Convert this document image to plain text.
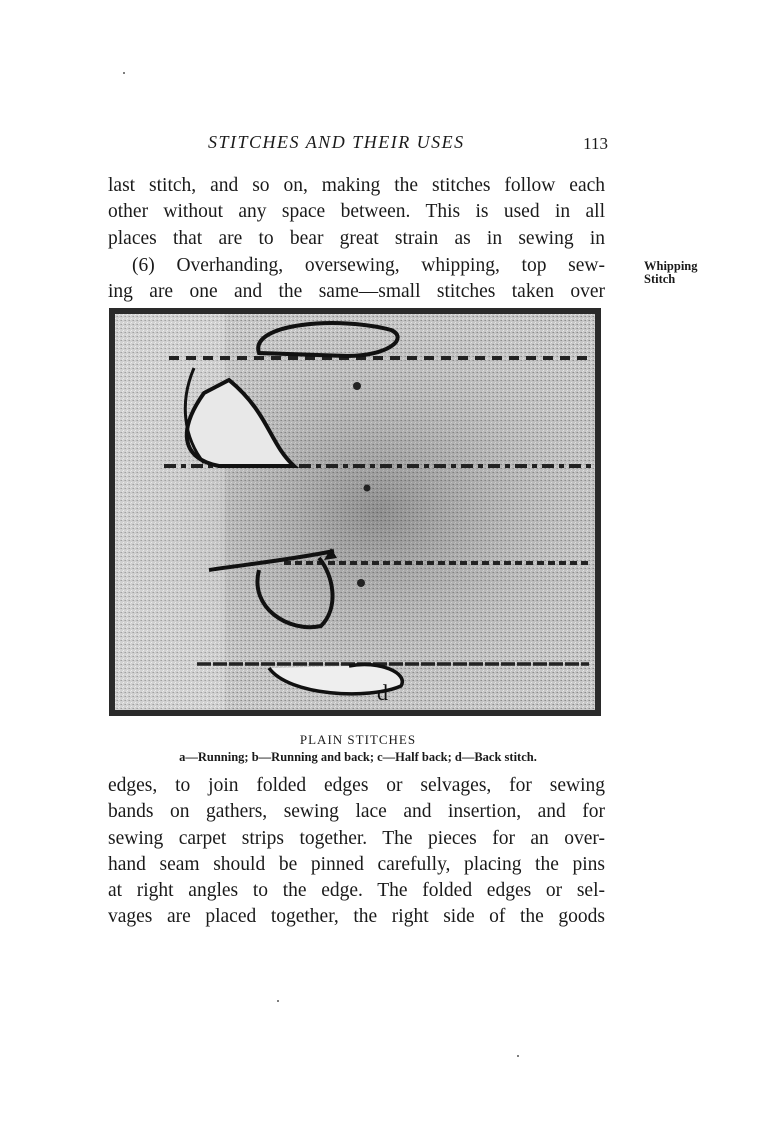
STITCHES AND THEIR USES	113

last stitch, and so on, making the stitches follow each

other without any space between. This is used in all

places that are to bear great strain as in sewing in

(6) Overhanding, oversewing, whipping, top sew-

ing are one and the same—small stitches taken over

Whipping
Stitch
d
PLAIN STITCHES
a—Running; b—Running and back; c—Half back; d—Back stitch.

edges, to join folded edges or selvages, for sewing

bands on gathers, sewing lace and insertion, and for

sewing carpet strips together. The pieces for an over-

hand seam should be pinned carefully, placing the pins

at right angles to the edge. The folded edges or sel-

vages are placed together, the right side of the goods
